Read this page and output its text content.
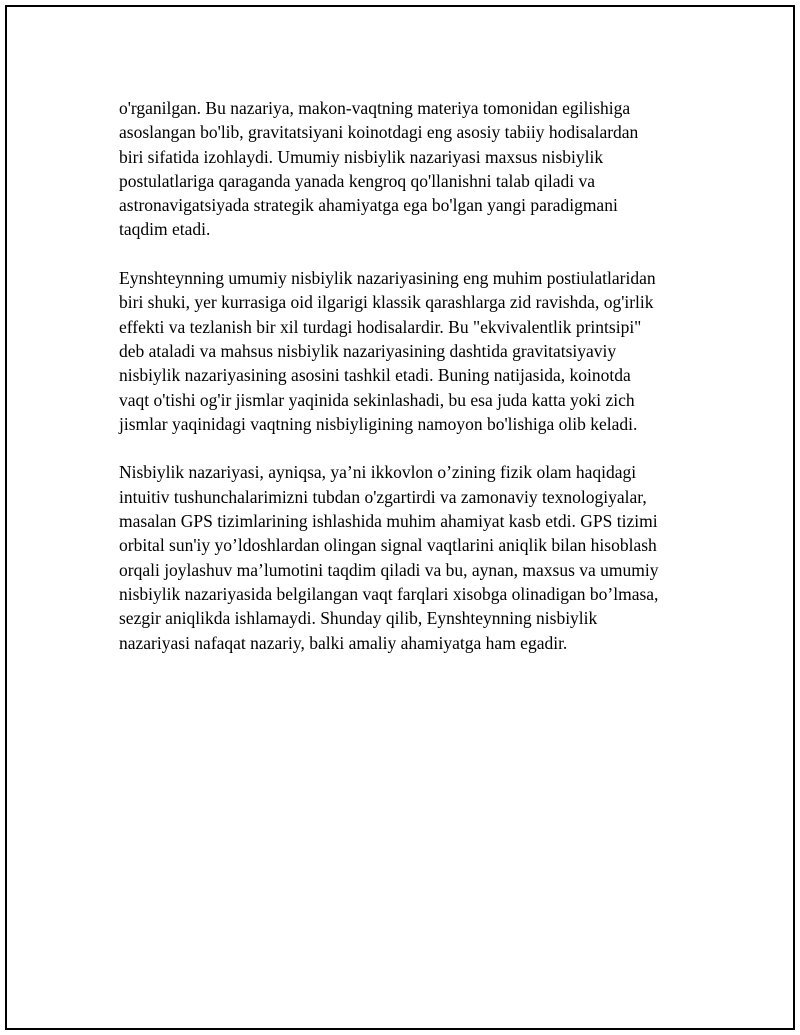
o'rganilgan. Bu nazariya, makon-vaqtning materiya tomonidan egilishiga
asoslangan bo'lib, gravitatsiyani koinotdagi eng asosiy tabiiy hodisalardan
biri sifatida izohlaydi. Umumiy nisbiylik nazariyasi maxsus nisbiylik
postulatlariga qaraganda yanada kengroq qo'llanishni talab qiladi va
astronavigatsiyada strategik ahamiyatga ega bo'lgan yangi paradigmani
taqdim etadi.

Eynshteynning umumiy nisbiylik nazariyasining eng muhim postiulatlaridan
biri shuki, yer kurrasiga oid ilgarigi klassik qarashlarga zid ravishda, og'irlik
effekti va tezlanish bir xil turdagi hodisalardir. Bu "ekvivalentlik printsipi"
deb ataladi va mahsus nisbiylik nazariyasining dashtida gravitatsiyaviy
nisbiylik nazariyasining asosini tashkil etadi. Buning natijasida, koinotda
vaqt o'tishi og'ir jismlar yaqinida sekinlashadi, bu esa juda katta yoki zich
jismlar yaqinidagi vaqtning nisbiyligining namoyon bo'lishiga olib keladi.

Nisbiylik nazariyasi, ayniqsa, ya’ni ikkovlon o’zining fizik olam haqidagi
intuitiv tushunchalarimizni tubdan o'zgartirdi va zamonaviy texnologiyalar,
masalan GPS tizimlarining ishlashida muhim ahamiyat kasb etdi. GPS tizimi
orbital sun'iy yo’ldoshlardan olingan signal vaqtlarini aniqlik bilan hisoblash
orqali joylashuv ma’lumotini taqdim qiladi va bu, aynan, maxsus va umumiy
nisbiylik nazariyasida belgilangan vaqt farqlari xisobga olinadigan bo’lmasa,
sezgir aniqlikda ishlamaydi. Shunday qilib, Eynshteynning nisbiylik
nazariyasi nafaqat nazariy, balki amaliy ahamiyatga ham egadir.
